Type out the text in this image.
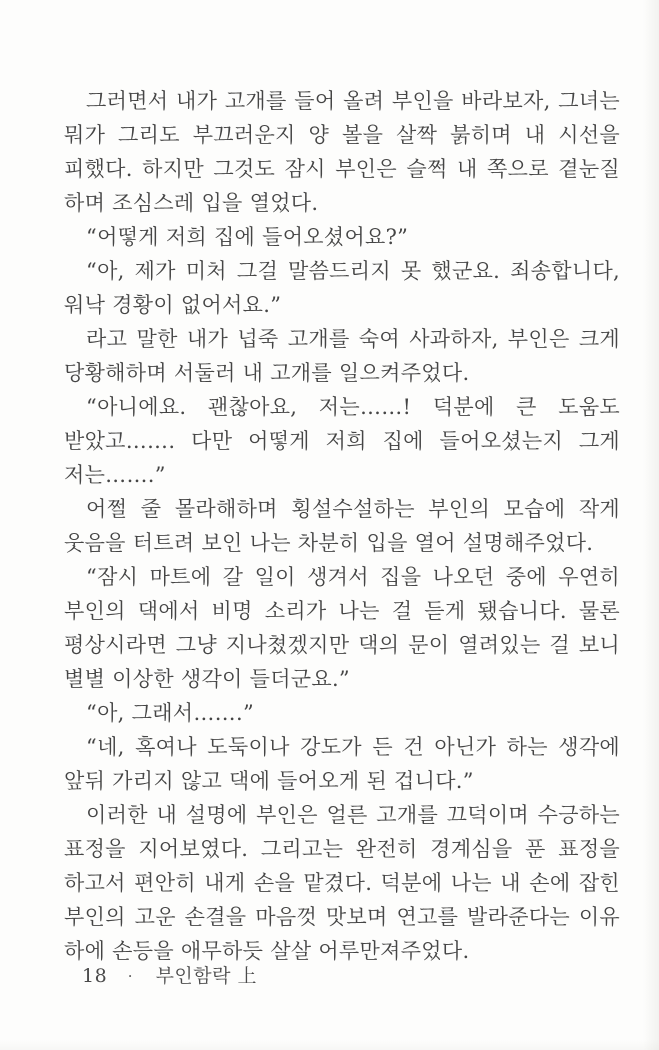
그러면서 내가 고개를 들어 올려 부인을 바라보자, 그녀는 뭐가 그리도 부끄러운지 양 볼을 살짝 붉히며 내 시선을 피했다. 하지만 그것도 잠시 부인은 슬쩍 내 쪽으로 곁눈질 하며 조심스레 입을 열었다.

“어떻게 저희 집에 들어오셨어요?”

“아, 제가 미처 그걸 말씀드리지 못 했군요. 죄송합니다, 워낙 경황이 없어서요.”

라고 말한 내가 넙죽 고개를 숙여 사과하자, 부인은 크게 당황해하며 서둘러 내 고개를 일으켜주었다.

“아니에요. 괜찮아요, 저는……! 덕분에 큰 도움도 받았고……. 다만 어떻게 저희 집에 들어오셨는지 그게 저는…….”

어쩔 줄 몰라해하며 횡설수설하는 부인의 모습에 작게 웃음을 터트려 보인 나는 차분히 입을 열어 설명해주었다.

“잠시 마트에 갈 일이 생겨서 집을 나오던 중에 우연히 부인의 댁에서 비명 소리가 나는 걸 듣게 됐습니다. 물론 평상시라면 그냥 지나쳤겠지만 댁의 문이 열려있는 걸 보니 별별 이상한 생각이 들더군요.”

“아, 그래서…….”

“네, 혹여나 도둑이나 강도가 든 건 아닌가 하는 생각에 앞뒤 가리지 않고 댁에 들어오게 된 겁니다.”

이러한 내 설명에 부인은 얼른 고개를 끄덕이며 수긍하는 표정을 지어보였다. 그리고는 완전히 경계심을 푼 표정을 하고서 편안히 내게 손을 맡겼다. 덕분에 나는 내 손에 잡힌 부인의 고운 손결을 마음껏 맛보며 연고를 발라준다는 이유 하에 손등을 애무하듯 살살 어루만져주었다.

18 · 부인함락 上
